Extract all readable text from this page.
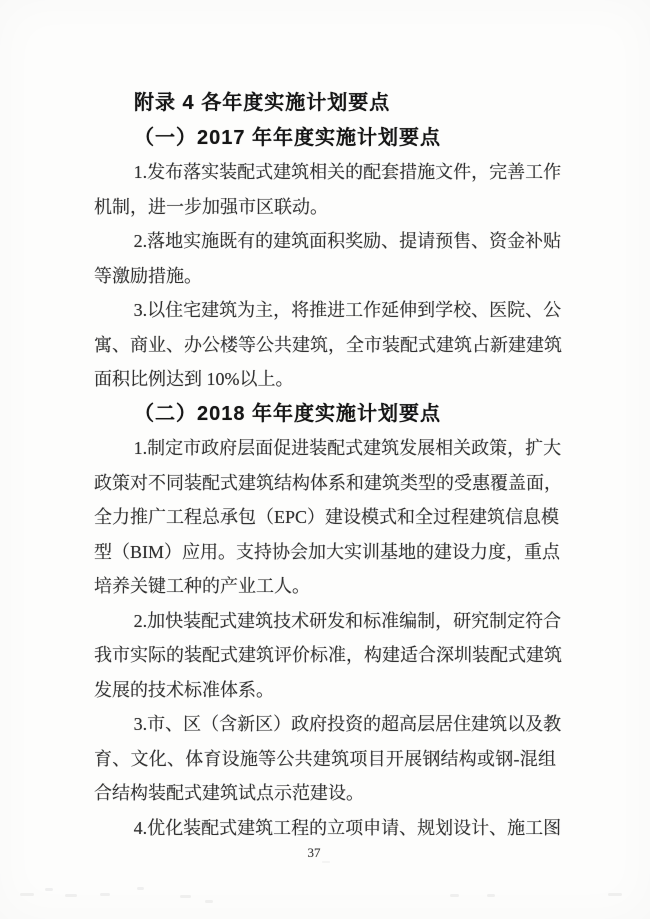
附录 4 各年度实施计划要点
（一）2017 年年度实施计划要点
1.发布落实装配式建筑相关的配套措施文件，完善工作
机制，进一步加强市区联动。
2.落地实施既有的建筑面积奖励、提请预售、资金补贴
等激励措施。
3.以住宅建筑为主，将推进工作延伸到学校、医院、公
寓、商业、办公楼等公共建筑，全市装配式建筑占新建建筑
面积比例达到 10%以上。
（二）2018 年年度实施计划要点
1.制定市政府层面促进装配式建筑发展相关政策，扩大
政策对不同装配式建筑结构体系和建筑类型的受惠覆盖面，
全力推广工程总承包（EPC）建设模式和全过程建筑信息模
型（BIM）应用。支持协会加大实训基地的建设力度，重点
培养关键工种的产业工人。
2.加快装配式建筑技术研发和标准编制，研究制定符合
我市实际的装配式建筑评价标准，构建适合深圳装配式建筑
发展的技术标准体系。
3.市、区（含新区）政府投资的超高层居住建筑以及教
育、文化、体育设施等公共建筑项目开展钢结构或钢-混组
合结构装配式建筑试点示范建设。
4.优化装配式建筑工程的立项申请、规划设计、施工图
37
